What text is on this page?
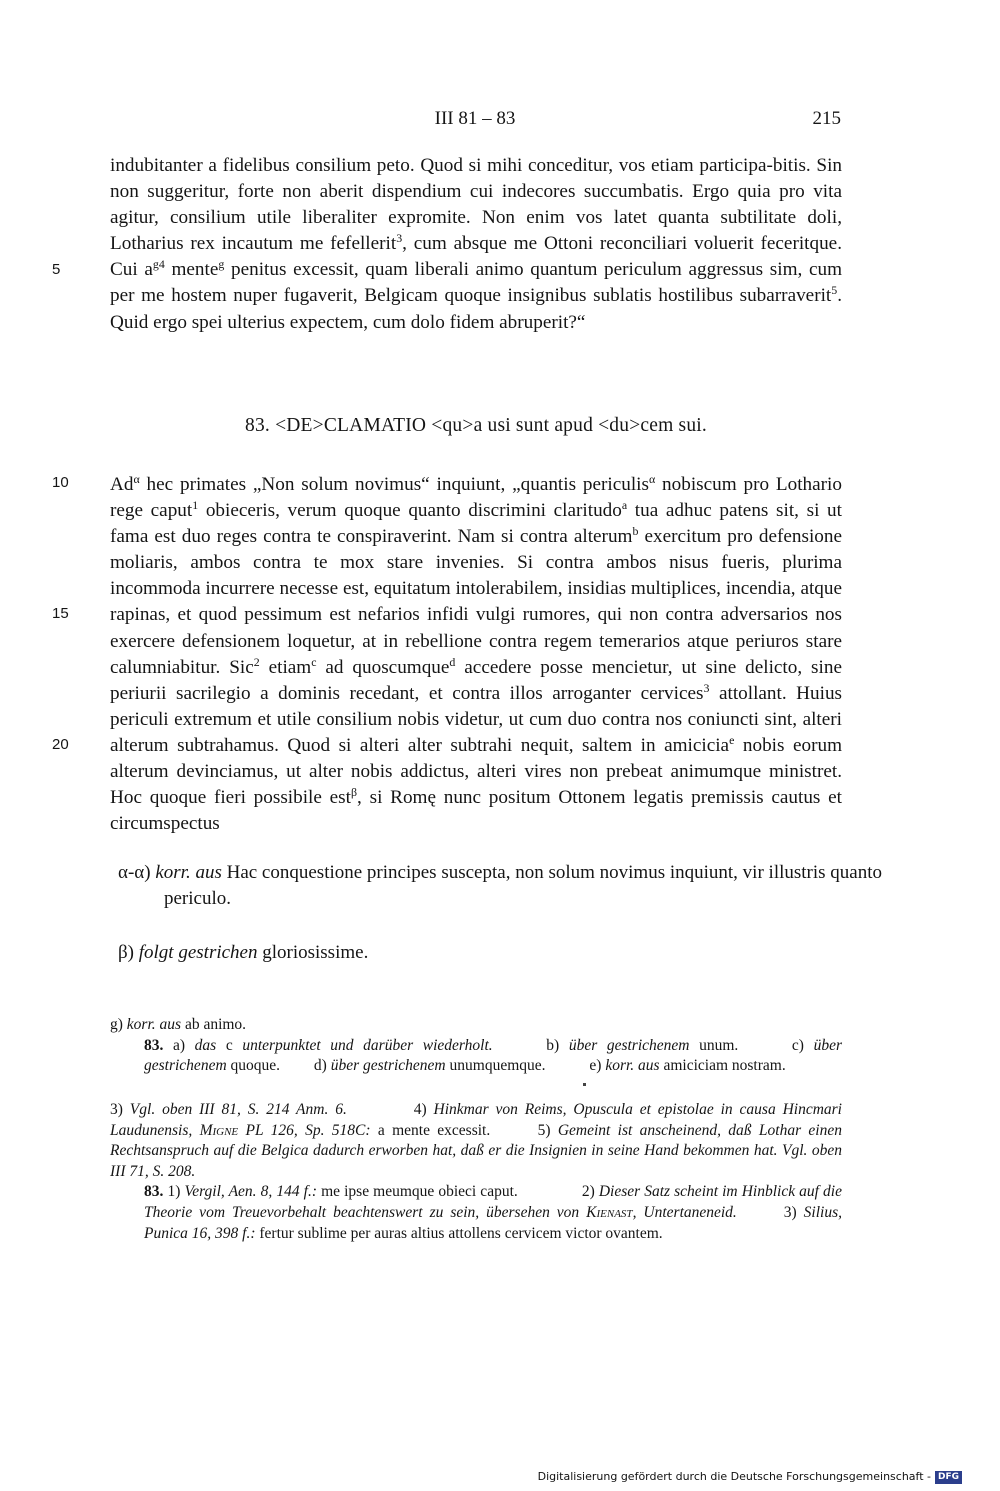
III 81 – 83	215

indubitanter a fidelibus consilium peto. Quod si mihi conceditur, vos etiam participa-bitis. Sin non suggeritur, forte non aberit dispendium cui indecores succumbatis. Ergo quia pro vita agitur, consilium utile liberaliter expromite. Non enim vos latet quanta subtilitate doli, Lotharius rex incautum me fefellerit$^3$, cum absque me Ottoni reconciliari voluerit feceritque. Cui $a^{g4}$ mente$^g$ penitus excessit, quam liberali animo quantum periculum aggressus sim, cum per me hostem nuper fugaverit, Belgicam quoque insignibus sublatis hostilibus subarraverit$^5$. Quid ergo spei ulterius expectem, cum dolo fidem abruperit?“

5
10
15
20
83. <DE>CLAMATIO <qu>a usi sunt apud <du>cem sui.

$Ad^\alpha$ hec primates „Non solum novimus“ inquiunt, „quantis periculis$^\alpha$ nobiscum pro Lothario rege caput$^1$ obieceris, verum quoque quanto discrimini claritudo$^a$ tua adhuc patens sit, si ut fama est duo reges contra te conspiraverint. Nam si contra alterum$^b$ exercitum pro defensione moliaris, ambos contra te mox stare invenies. Si contra ambos nisus fueris, plurima incommoda incurrere necesse est, equitatum intolerabilem, insidias multiplices, incendia, atque rapinas, et quod pessimum est nefarios infidi vulgi rumores, qui non contra adversarios nos exercere defensionem loquetur, at in rebellione contra regem temerarios atque periuros stare calumniabitur. Sic$^2$ etiam$^c$ ad quoscumque$^d$ accedere posse mencietur, ut sine delicto, sine periurii sacrilegio a dominis recedant, et contra illos arroganter cervices$^3$ attollant. Huius periculi extremum et utile consilium nobis videtur, ut cum duo contra nos coniuncti sint, alteri alterum subtrahamus. Quod si alteri alter subtrahi nequit, saltem in amicicia$^e$ nobis eorum alterum devinciamus, ut alter nobis addictus, alteri vires non prebeat animumque ministret. Hoc quoque fieri possibile est$^\beta$, si Romę nunc positum Ottonem legatis premissis cautus et circumspectus

α-α) korr. aus Hac conquestione principes suscepta, non solum novimus inquiunt, vir illustris quanto periculo.

β) folgt gestrichen gloriosissime.

g) korr. aus ab animo.

83. a) das c unterpunktet und darüber wiederholt.	b) über gestrichenem unum.	c) über gestrichenem quoque. d) über gestrichenem unumquemque.	e) korr. aus amiciciam nostram.

3) Vgl. oben III 81, S. 214 Anm. 6.	4) Hinkmar von Reims, Opuscula et epistolae in causa Hincmari Laudunensis, Migne PL 126, Sp. 518C: a mente excessit.	5) Gemeint ist anscheinend, daß Lothar einen Rechtsanspruch auf die Belgica dadurch erworben hat, daß er die Insignien in seine Hand bekommen hat. Vgl. oben III 71, S. 208.

83. 1) Vergil, Aen. 8, 144 f.: me ipse meumque obieci caput.	2) Dieser Satz scheint im Hinblick auf die Theorie vom Treuevorbehalt beachtenswert zu sein, übersehen von Kienast, Untertaneneid.	3) Silius, Punica 16, 398 f.: fertur sublime per auras altius attollens cervicem victor ovantem.

Digitalisierung gefördert durch die Deutsche Forschungsgemeinschaft - DFG
